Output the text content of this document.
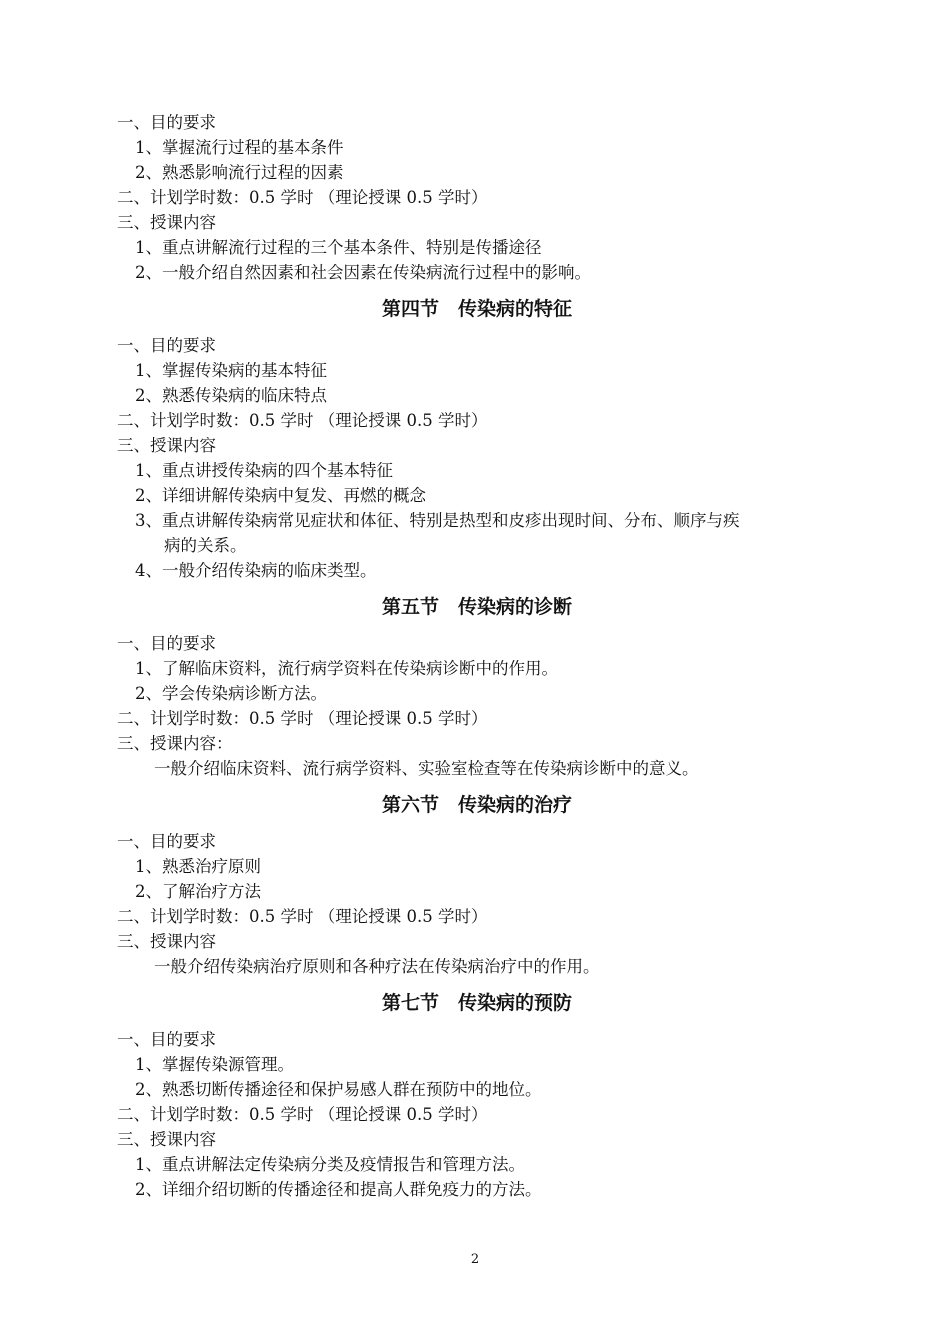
一、目的要求
1、掌握流行过程的基本条件
2、熟悉影响流行过程的因素
二、计划学时数：0.5 学时 （理论授课 0.5 学时）
三、授课内容
1、重点讲解流行过程的三个基本条件、特别是传播途径
2、一般介绍自然因素和社会因素在传染病流行过程中的影响。
第四节　传染病的特征
一、目的要求
1、掌握传染病的基本特征
2、熟悉传染病的临床特点
二、计划学时数：0.5 学时 （理论授课 0.5 学时）
三、授课内容
1、重点讲授传染病的四个基本特征
2、详细讲解传染病中复发、再燃的概念
3、重点讲解传染病常见症状和体征、特别是热型和皮疹出现时间、分布、顺序与疾
病的关系。
4、一般介绍传染病的临床类型。
第五节　传染病的诊断
一、目的要求
1、了解临床资料，流行病学资料在传染病诊断中的作用。
2、学会传染病诊断方法。
二、计划学时数：0.5 学时 （理论授课 0.5 学时）
三、授课内容：
一般介绍临床资料、流行病学资料、实验室检查等在传染病诊断中的意义。
第六节　传染病的治疗
一、目的要求
1、熟悉治疗原则
2、了解治疗方法
二、计划学时数：0.5 学时 （理论授课 0.5 学时）
三、授课内容
一般介绍传染病治疗原则和各种疗法在传染病治疗中的作用。
第七节　传染病的预防
一、目的要求
1、掌握传染源管理。
2、熟悉切断传播途径和保护易感人群在预防中的地位。
二、计划学时数：0.5 学时 （理论授课 0.5 学时）
三、授课内容
1、重点讲解法定传染病分类及疫情报告和管理方法。
2、详细介绍切断的传播途径和提高人群免疫力的方法。
2
